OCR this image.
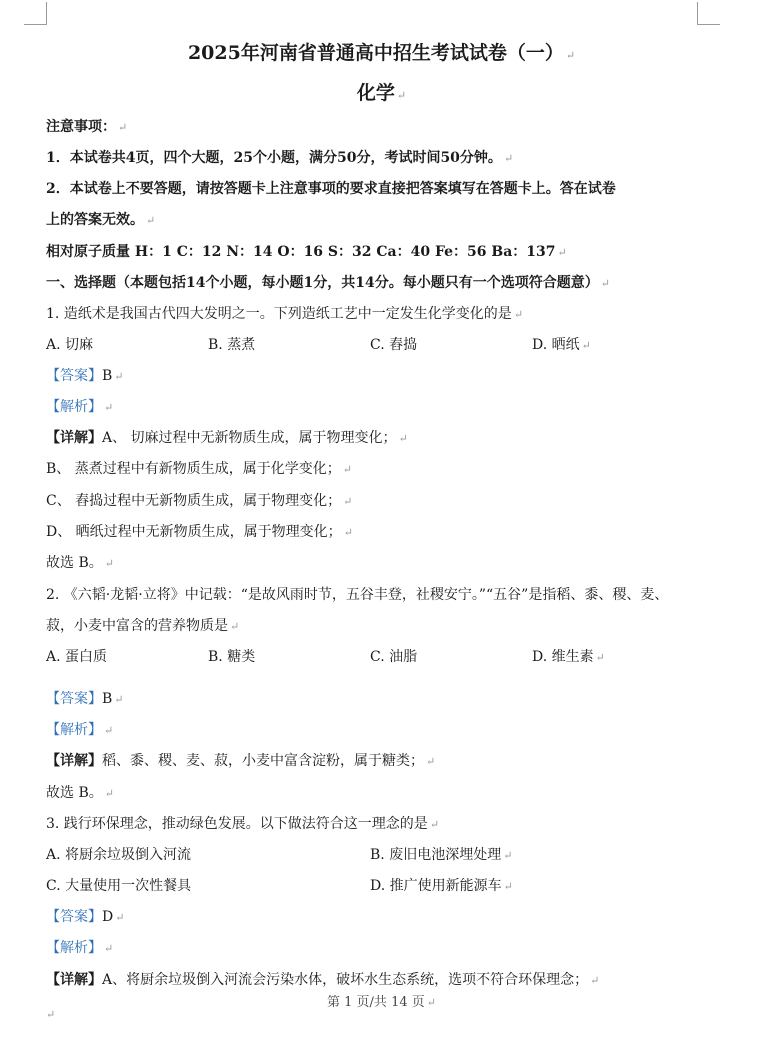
2025年河南省普通高中招生考试试卷（一） ↵
化学 ↵
注意事项： ↵
1．本试卷共4页，四个大题，25个小题，满分50分，考试时间50分钟。 ↵
2．本试卷上不要答题，请按答题卡上注意事项的要求直接把答案填写在答题卡上。答在试卷
上的答案无效。 ↵
相对原子质量 H：1 C：12 N：14 O：16 S：32 Ca：40 Fe：56 Ba：137 ↵
一、选择题（本题包括14个小题，每小题1分，共14分。每小题只有一个选项符合题意） ↵
1. 造纸术是我国古代四大发明之一。下列造纸工艺中一定发生化学变化的是 ↵
A. 切麻	B. 蒸煮	C. 舂捣	D. 晒纸 ↵
【答案】B ↵
【解析】 ↵
【详解】A、 切麻过程中无新物质生成，属于物理变化； ↵
B、 蒸煮过程中有新物质生成，属于化学变化； ↵
C、 舂捣过程中无新物质生成，属于物理变化； ↵
D、 晒纸过程中无新物质生成，属于物理变化； ↵
故选 B。 ↵
2. 《六韬·龙韬·立将》中记载：“是故风雨时节，五谷丰登，社稷安宁。”“五谷”是指稻、黍、稷、麦、
菽，小麦中富含的营养物质是 ↵
A. 蛋白质	B. 糖类	C. 油脂	D. 维生素 ↵
【答案】B ↵
【解析】 ↵
【详解】稻、黍、稷、麦、菽，小麦中富含淀粉，属于糖类； ↵
故选 B。 ↵
3. 践行环保理念，推动绿色发展。以下做法符合这一理念的是 ↵
A. 将厨余垃圾倒入河流	B. 废旧电池深埋处理 ↵
C. 大量使用一次性餐具	D. 推广使用新能源车 ↵
【答案】D ↵
【解析】 ↵
【详解】A、将厨余垃圾倒入河流会污染水体，破坏水生态系统，选项不符合环保理念； ↵
第 1 页/共 14 页 ↵
↵
